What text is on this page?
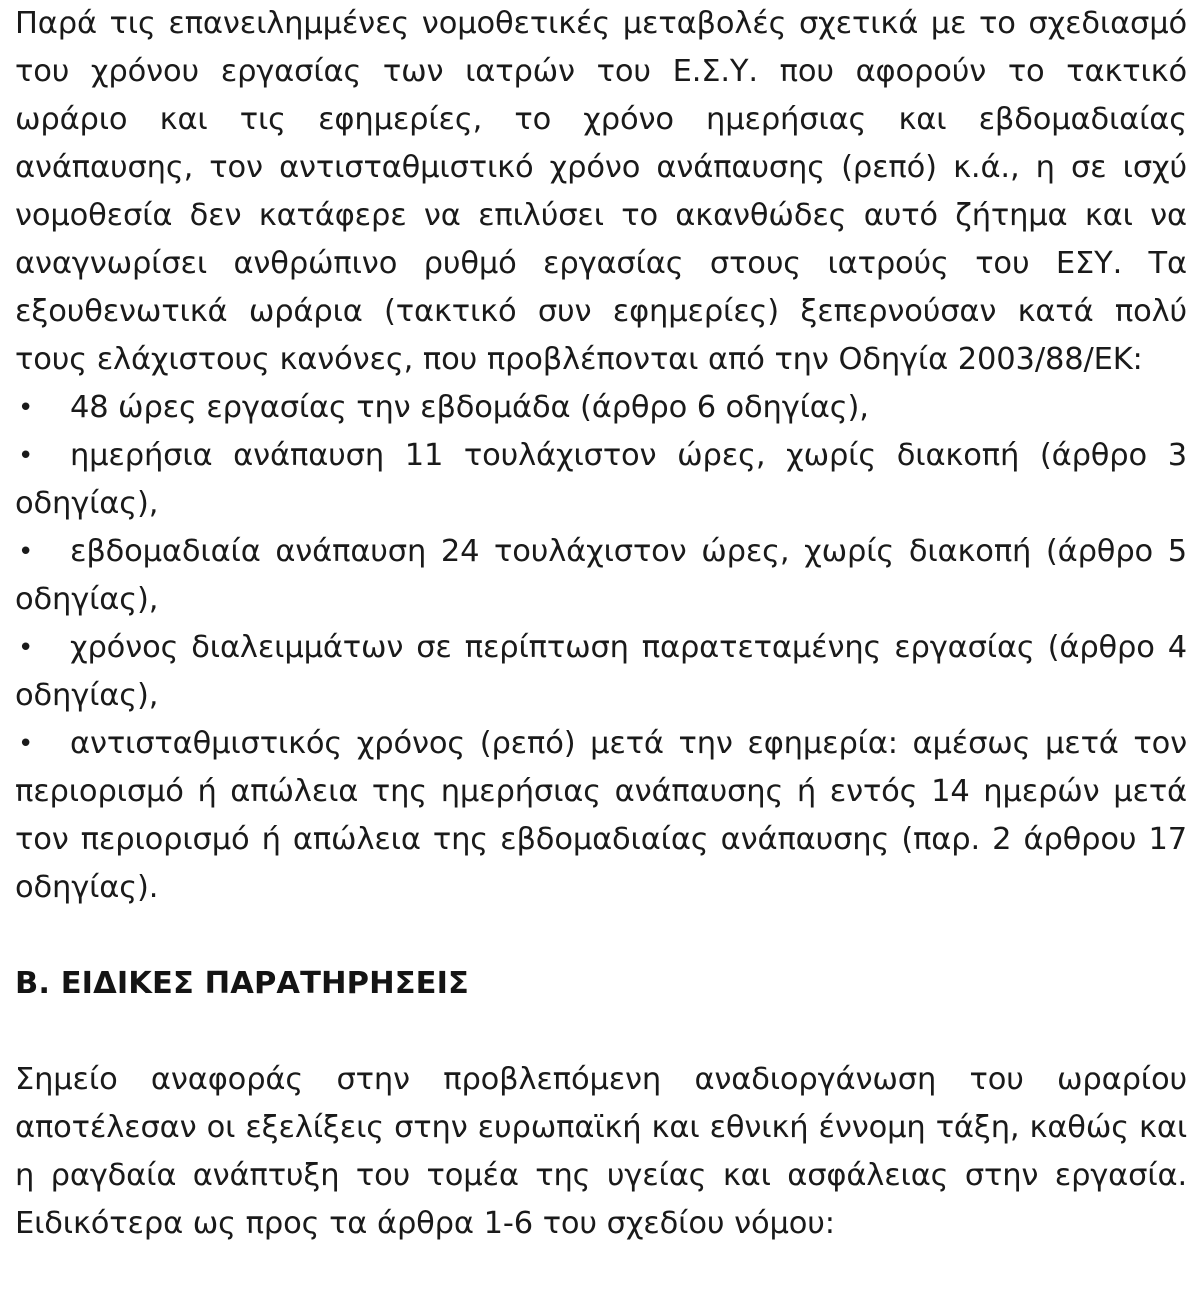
Παρά τις επανειλημμένες νομοθετικές μεταβολές σχετικά με το σχεδιασμό του χρόνου εργασίας των ιατρών του Ε.Σ.Υ. που αφορούν το τακτικό ωράριο και τις εφημερίες, το χρόνο ημερήσιας και εβδομαδιαίας ανάπαυσης, τον αντισταθμιστικό χρόνο ανάπαυσης (ρεπό) κ.ά., η σε ισχύ νομοθεσία δεν κατάφερε να επιλύσει το ακανθώδες αυτό ζήτημα και να αναγνωρίσει ανθρώπινο ρυθμό εργασίας στους ιατρούς του ΕΣΥ. Τα εξουθενωτικά ωράρια (τακτικό συν εφημερίες) ξεπερνούσαν κατά πολύ τους ελάχιστους κανόνες, που προβλέπονται από την Οδηγία 2003/88/ΕΚ:

•	48 ώρες εργασίας την εβδομάδα (άρθρο 6 οδηγίας),
•	ημερήσια ανάπαυση 11 τουλάχιστον ώρες, χωρίς διακοπή (άρθρο 3 οδηγίας),
•	εβδομαδιαία ανάπαυση 24 τουλάχιστον ώρες, χωρίς διακοπή (άρθρο 5 οδηγίας),
•	χρόνος διαλειμμάτων σε περίπτωση παρατεταμένης εργασίας (άρθρο 4 οδηγίας),
•	αντισταθμιστικός χρόνος (ρεπό) μετά την εφημερία: αμέσως μετά τον περιορισμό ή απώλεια της ημερήσιας ανάπαυσης ή εντός 14 ημερών μετά τον περιορισμό ή απώλεια της εβδομαδιαίας ανάπαυσης (παρ. 2 άρθρου 17 οδηγίας).
Β. ΕΙΔΙΚΕΣ ΠΑΡΑΤΗΡΗΣΕΙΣ

Σημείο αναφοράς στην προβλεπόμενη αναδιοργάνωση του ωραρίου αποτέλεσαν οι εξελίξεις στην ευρωπαϊκή και εθνική έννομη τάξη, καθώς και η ραγδαία ανάπτυξη του τομέα της υγείας και ασφάλειας στην εργασία. Ειδικότερα ως προς τα άρθρα 1-6 του σχεδίου νόμου:
